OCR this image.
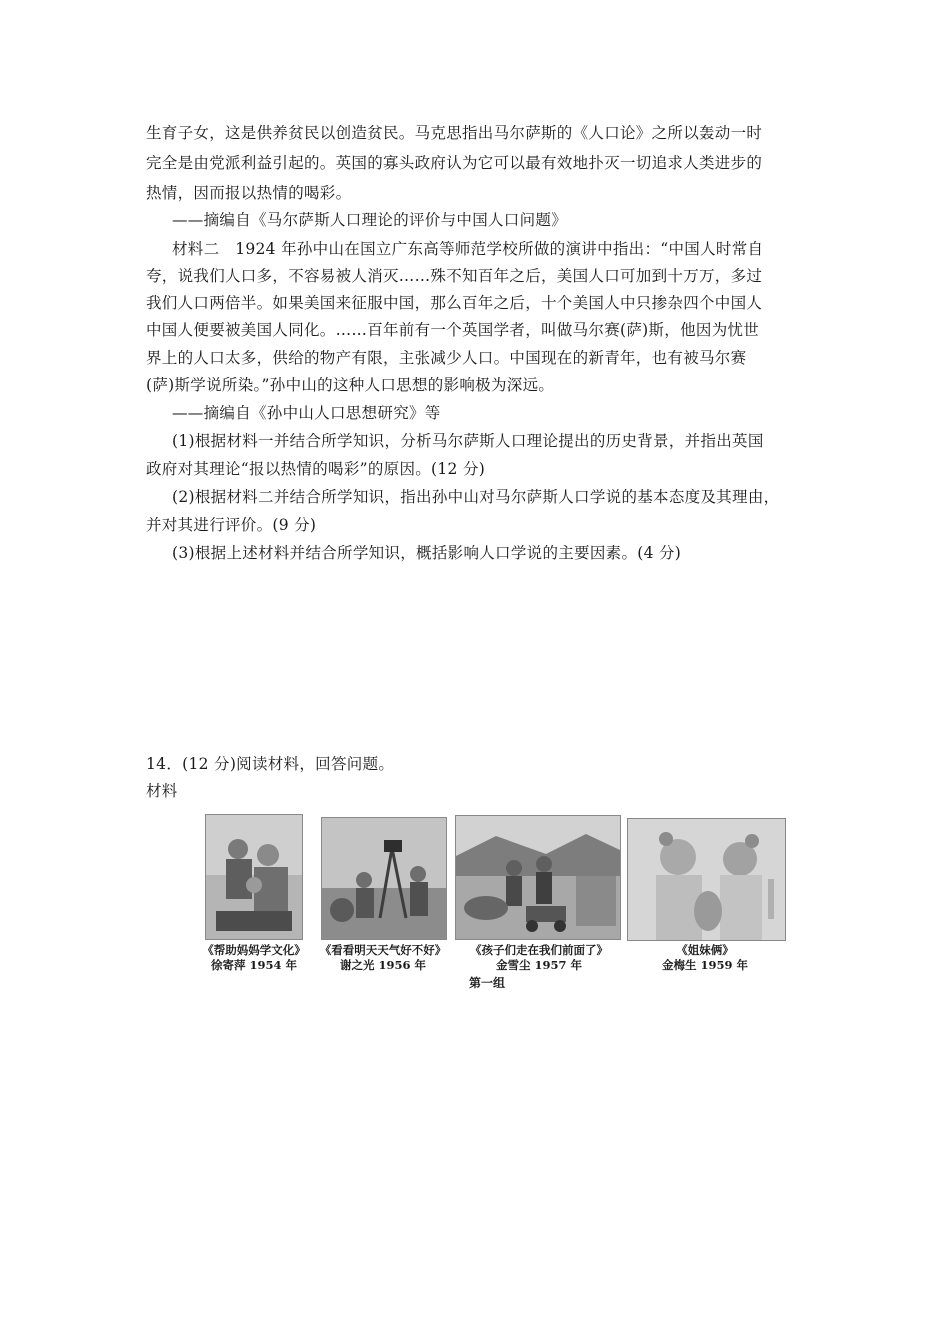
生育子女，这是供养贫民以创造贫民。马克思指出马尔萨斯的《人口论》之所以轰动一时
完全是由党派利益引起的。英国的寡头政府认为它可以最有效地扑灭一切追求人类进步的
热情，因而报以热情的喝彩。
——摘编自《马尔萨斯人口理论的评价与中国人口问题》
材料二　1924 年孙中山在国立广东高等师范学校所做的演讲中指出：“中国人时常自
夸，说我们人口多，不容易被人消灭……殊不知百年之后，美国人口可加到十万万，多过
我们人口两倍半。如果美国来征服中国，那么百年之后，十个美国人中只掺杂四个中国人
中国人便要被美国人同化。……百年前有一个英国学者，叫做马尔赛(萨)斯，他因为忧世
界上的人口太多，供给的物产有限，主张减少人口。中国现在的新青年，也有被马尔赛
(萨)斯学说所染。”孙中山的这种人口思想的影响极为深远。
——摘编自《孙中山人口思想研究》等
(1)根据材料一并结合所学知识，分析马尔萨斯人口理论提出的历史背景，并指出英国
政府对其理论“报以热情的喝彩”的原因。(12 分)
(2)根据材料二并结合所学知识，指出孙中山对马尔萨斯人口学说的基本态度及其理由，
并对其进行评价。(9 分)
(3)根据上述材料并结合所学知识，概括影响人口学说的主要因素。(4 分)
14．(12 分)阅读材料，回答问题。
材料
《帮助妈妈学文化》
徐寄萍 1954 年
《看看明天天气好不好》
谢之光 1956 年
《孩子们走在我们前面了》
金雪尘 1957 年
《姐妹俩》
金梅生 1959 年
第一组
